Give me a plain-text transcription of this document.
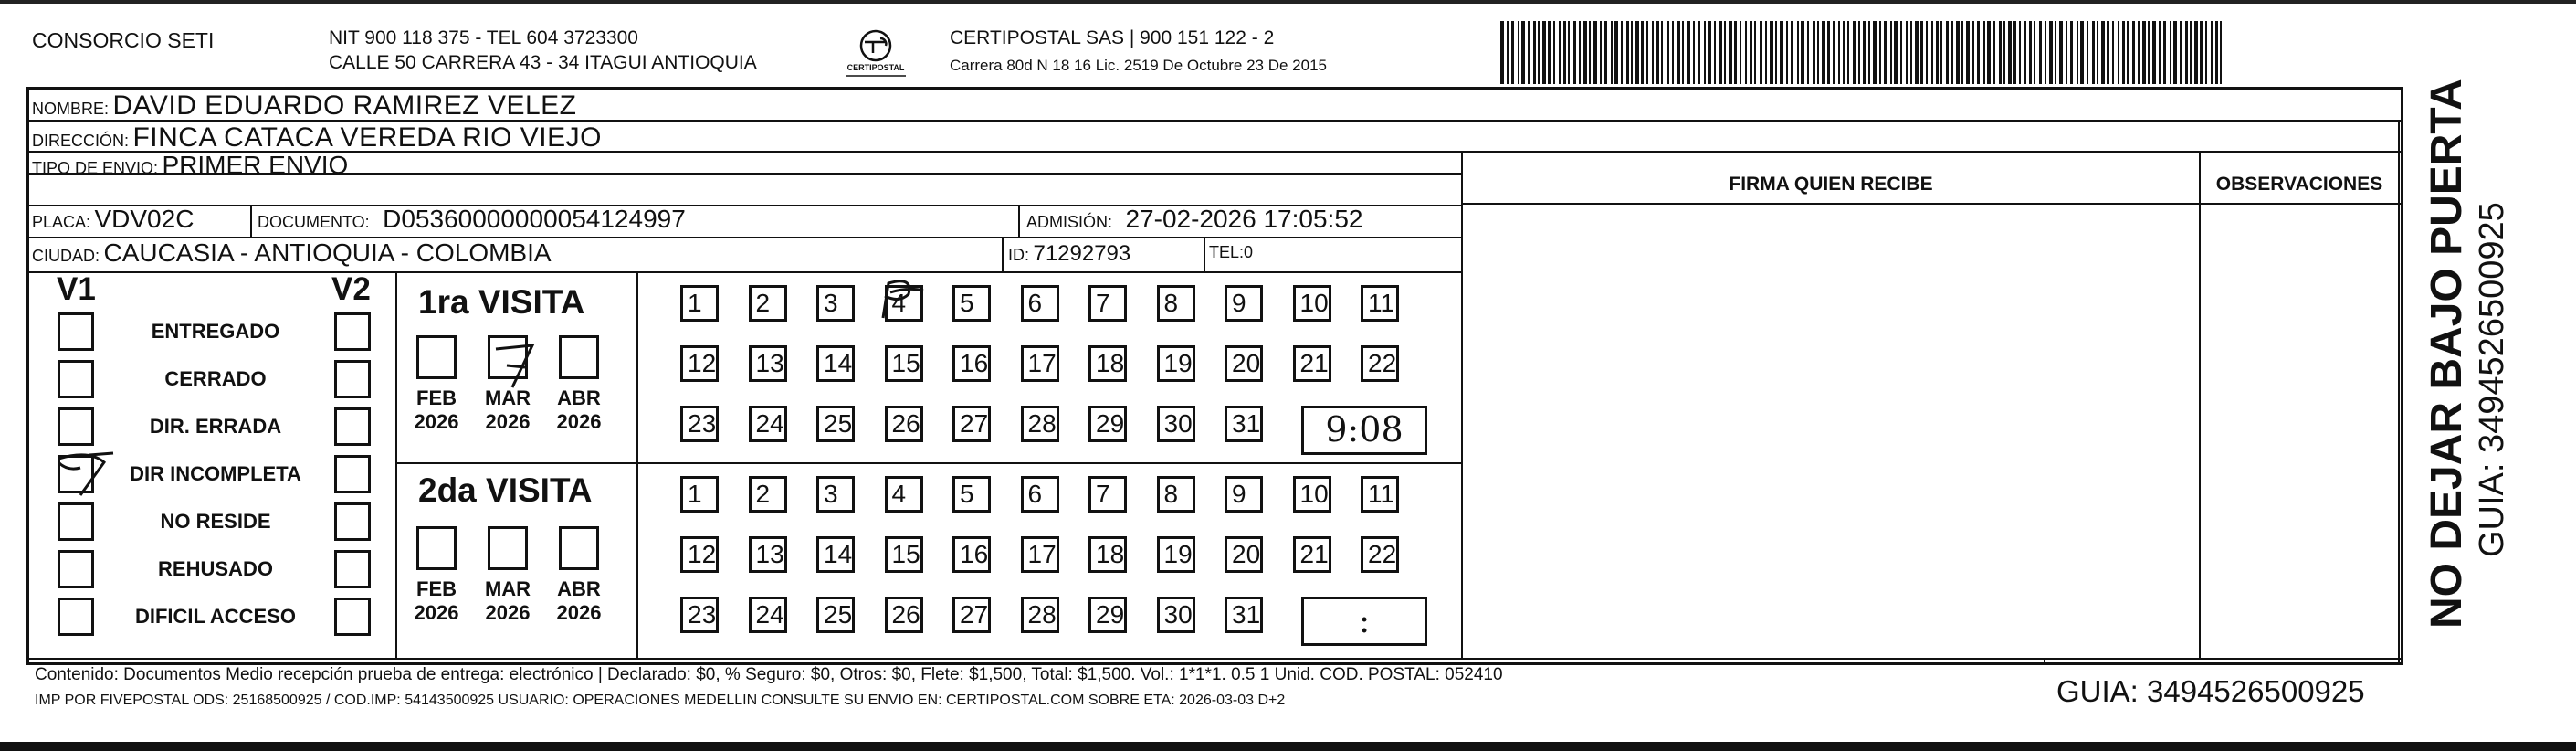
CONSORCIO SETI	NIT 900 118 375 - TEL 604 3723300
CALLE 50 CARRERA 43 - 34 ITAGUI ANTIOQUIA	CERTIPOSTAL
CERTIPOSTAL SAS | 900 151 122 - 2
Carrera 80d N 18 16 Lic. 2519 De Octubre 23 De 2015
NOMBRE: DAVID EDUARDO RAMIREZ VELEZ
DIRECCIÓN: FINCA CATACA VEREDA RIO VIEJO
TIPO DE ENVIO: PRIMER ENVIO
PLACA: VDV02C	DOCUMENTO: D05360000000054124997	ADMISIÓN: 27-02-2026 17:05:52
CIUDAD: CAUCASIA - ANTIOQUIA - COLOMBIA	ID: 71292793	TEL:0
FIRMA QUIEN RECIBE	OBSERVACIONES
V1	V2
ENTREGADO
CERRADO
DIR. ERRADA
DIR INCOMPLETA
NO RESIDE
REHUSADO
DIFICIL ACCESO
1ra VISITA
FEB
2026
MAR
2026
ABR
2026
1	2	3	4	5	6	7	8	9	10 11
12 13 14 15 16 17 18 19 20 21 22
23 24 25 26 27 28 29 30 31	9:08
2da VISITA
FEB
2026
MAR
2026
ABR
2026
1	2	3	4	5	6	7	8	9	10 11
12 13 14 15 16 17 18 19 20 21 22
23 24 25 26 27 28 29 30 31	:
Contenido: Documentos Medio recepción prueba de entrega: electrónico | Declarado: $0, % Seguro: $0, Otros: $0, Flete: $1,500, Total: $1,500. Vol.: 1*1*1. 0.5 1 Unid. COD. POSTAL: 052410
IMP POR FIVEPOSTAL ODS: 25168500925 / COD.IMP: 54143500925 USUARIO: OPERACIONES MEDELLIN CONSULTE SU ENVIO EN: CERTIPOSTAL.COM SOBRE ETA: 2026-03-03 D+2	GUIA: 3494526500925
NO DEJAR BAJO PUERTA GUIA: 3494526500925
